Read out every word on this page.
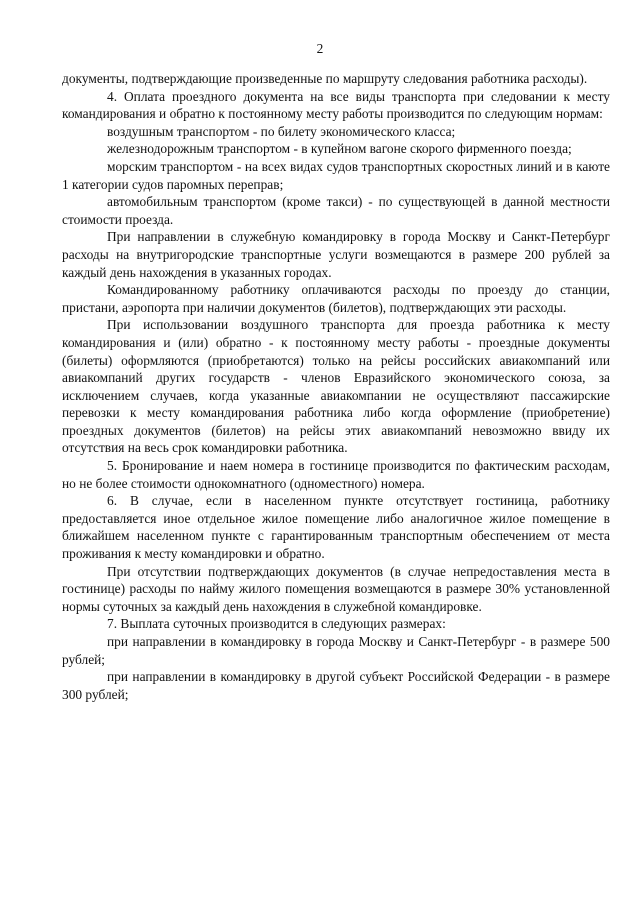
2

документы, подтверждающие произведенные по маршруту следования работника расходы).

4. Оплата проездного документа на все виды транспорта при следовании к месту командирования и обратно к постоянному месту работы производится по следующим нормам:

воздушным транспортом - по билету экономического класса;

железнодорожным транспортом - в купейном вагоне скорого фирменного поезда;

морским транспортом - на всех видах судов транспортных скоростных линий и в каюте 1 категории судов паромных переправ;

автомобильным транспортом (кроме такси) - по существующей в данной местности стоимости проезда.

При направлении в служебную командировку в города Москву и Санкт-Петербург расходы на внутригородские транспортные услуги возмещаются в размере 200 рублей за каждый день нахождения в указанных городах.

Командированному работнику оплачиваются расходы по проезду до станции, пристани, аэропорта при наличии документов (билетов), подтверждающих эти расходы.

При использовании воздушного транспорта для проезда работника к месту командирования и (или) обратно - к постоянному месту работы - проездные документы (билеты) оформляются (приобретаются) только на рейсы российских авиакомпаний или авиакомпаний других государств - членов Евразийского экономического союза, за исключением случаев, когда указанные авиакомпании не осуществляют пассажирские перевозки к месту командирования работника либо когда оформление (приобретение) проездных документов (билетов) на рейсы этих авиакомпаний невозможно ввиду их отсутствия на весь срок командировки работника.

5. Бронирование и наем номера в гостинице производится по фактическим расходам, но не более стоимости однокомнатного (одноместного) номера.

6. В случае, если в населенном пункте отсутствует гостиница, работнику предоставляется иное отдельное жилое помещение либо аналогичное жилое помещение в ближайшем населенном пункте с гарантированным транспортным обеспечением от места проживания к месту командировки и обратно.

При отсутствии подтверждающих документов (в случае непредоставления места в гостинице) расходы по найму жилого помещения возмещаются в размере 30% установленной нормы суточных за каждый день нахождения в служебной командировке.

7. Выплата суточных производится в следующих размерах:

при направлении в командировку в города Москву и Санкт-Петербург - в размере 500 рублей;

при направлении в командировку в другой субъект Российской Федерации - в размере 300 рублей;
